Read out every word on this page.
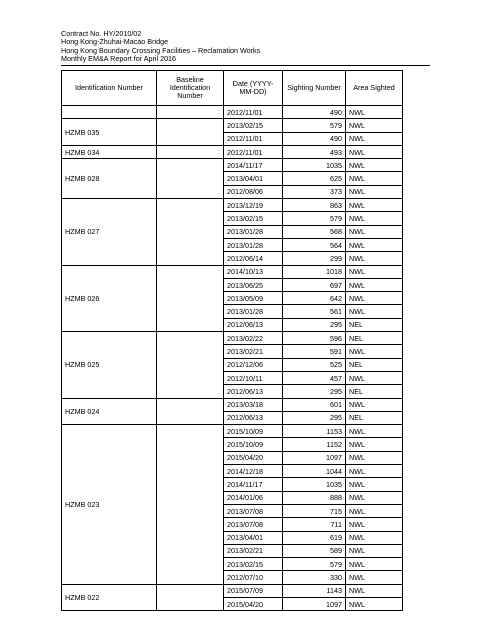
Contract No. HY/2010/02
Hong Kong-Zhuhai-Macao Bridge
Hong Kong Boundary Crossing Facilities – Reclamation Works
Monthly EM&A Report for April 2016
Identification Number	Baseline Identification Number	Date (YYYY-MM-DD)	Sighting Number	Area Sighted
		2012/11/01	490	NWL
HZMB 035		2013/02/15	579	NWL
		2012/11/01	490	NWL
HZMB 034		2012/11/01	493	NWL
HZMB 028		2014/11/17	1035	NWL
		2013/04/01	625	NWL
		2012/08/06	373	NWL
HZMB 027		2013/12/19	863	NWL
		2013/02/15	579	NWL
		2013/01/28	568	NWL
		2013/01/28	564	NWL
		2012/06/14	299	NWL
HZMB 026		2014/10/13	1018	NWL
		2013/06/25	697	NWL
		2013/05/09	642	NWL
		2013/01/28	561	NWL
		2012/06/13	295	NEL
HZMB 025		2013/02/22	596	NEL
		2013/02/21	591	NWL
		2012/12/06	525	NEL
		2012/10/11	457	NWL
		2012/06/13	295	NEL
HZMB 024		2013/03/18	601	NWL
		2012/06/13	295	NEL
HZMB 023		2015/10/09	1153	NWL
		2015/10/09	1152	NWL
		2015/04/20	1097	NWL
		2014/12/18	1044	NWL
		2014/11/17	1035	NWL
		2014/01/06	888	NWL
		2013/07/08	715	NWL
		2013/07/08	711	NWL
		2013/04/01	619	NWL
		2013/02/21	589	NWL
		2013/02/15	579	NWL
		2012/07/10	330	NWL
HZMB 022		2015/07/09	1143	NWL
		2015/04/20	1097	NWL
